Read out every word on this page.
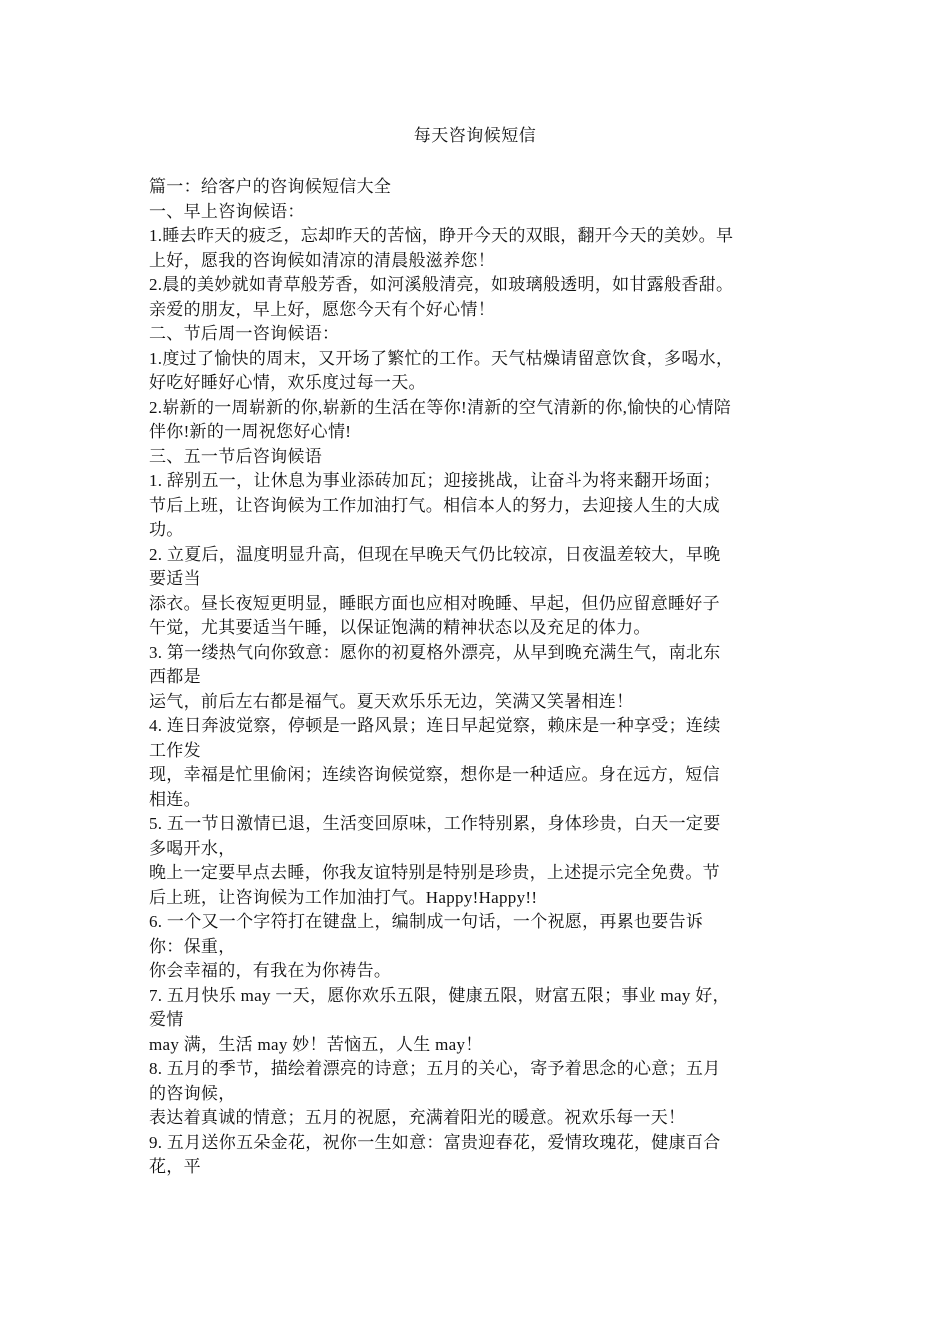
每天咨询候短信
篇一：给客户的咨询候短信大全
一、早上咨询候语：
1.睡去昨天的疲乏，忘却昨天的苦恼，睁开今天的双眼，翻开今天的美妙。早
上好，愿我的咨询候如清凉的清晨般滋养您！
2.晨的美妙就如青草般芳香，如河溪般清亮，如玻璃般透明，如甘露般香甜。
亲爱的朋友，早上好，愿您今天有个好心情！
二、节后周一咨询候语：
1.度过了愉快的周末，又开场了繁忙的工作。天气枯燥请留意饮食，多喝水，
好吃好睡好心情，欢乐度过每一天。
2.崭新的一周崭新的你,崭新的生活在等你!清新的空气清新的你,愉快的心情陪
伴你!新的一周祝您好心情!
三、五一节后咨询候语
1. 辞别五一，让休息为事业添砖加瓦；迎接挑战，让奋斗为将来翻开场面；
节后上班，让咨询候为工作加油打气。相信本人的努力，去迎接人生的大成
功。
2. 立夏后，温度明显升高，但现在早晚天气仍比较凉，日夜温差较大，早晚
要适当
添衣。昼长夜短更明显，睡眠方面也应相对晚睡、早起，但仍应留意睡好子
午觉，尤其要适当午睡，以保证饱满的精神状态以及充足的体力。
3. 第一缕热气向你致意：愿你的初夏格外漂亮，从早到晚充满生气，南北东
西都是
运气，前后左右都是福气。夏天欢乐乐无边，笑满又笑暑相连！
4. 连日奔波觉察，停顿是一路风景；连日早起觉察，赖床是一种享受；连续
工作发
现，幸福是忙里偷闲；连续咨询候觉察，想你是一种适应。身在远方，短信
相连。
5. 五一节日激情已退，生活变回原味，工作特别累，身体珍贵，白天一定要
多喝开水，
晚上一定要早点去睡，你我友谊特别是特别是珍贵，上述提示完全免费。节
后上班，让咨询候为工作加油打气。Happy!Happy!!
6. 一个又一个字符打在键盘上，编制成一句话，一个祝愿，再累也要告诉
你：保重，
你会幸福的，有我在为你祷告。
7. 五月快乐 may 一天，愿你欢乐五限，健康五限，财富五限；事业 may 好，
爱情
may 满，生活 may 妙！苦恼五，人生 may！
8. 五月的季节，描绘着漂亮的诗意；五月的关心，寄予着思念的心意；五月
的咨询候，
表达着真诚的情意；五月的祝愿，充满着阳光的暖意。祝欢乐每一天！
9. 五月送你五朵金花，祝你一生如意：富贵迎春花，爱情玫瑰花，健康百合
花，平
